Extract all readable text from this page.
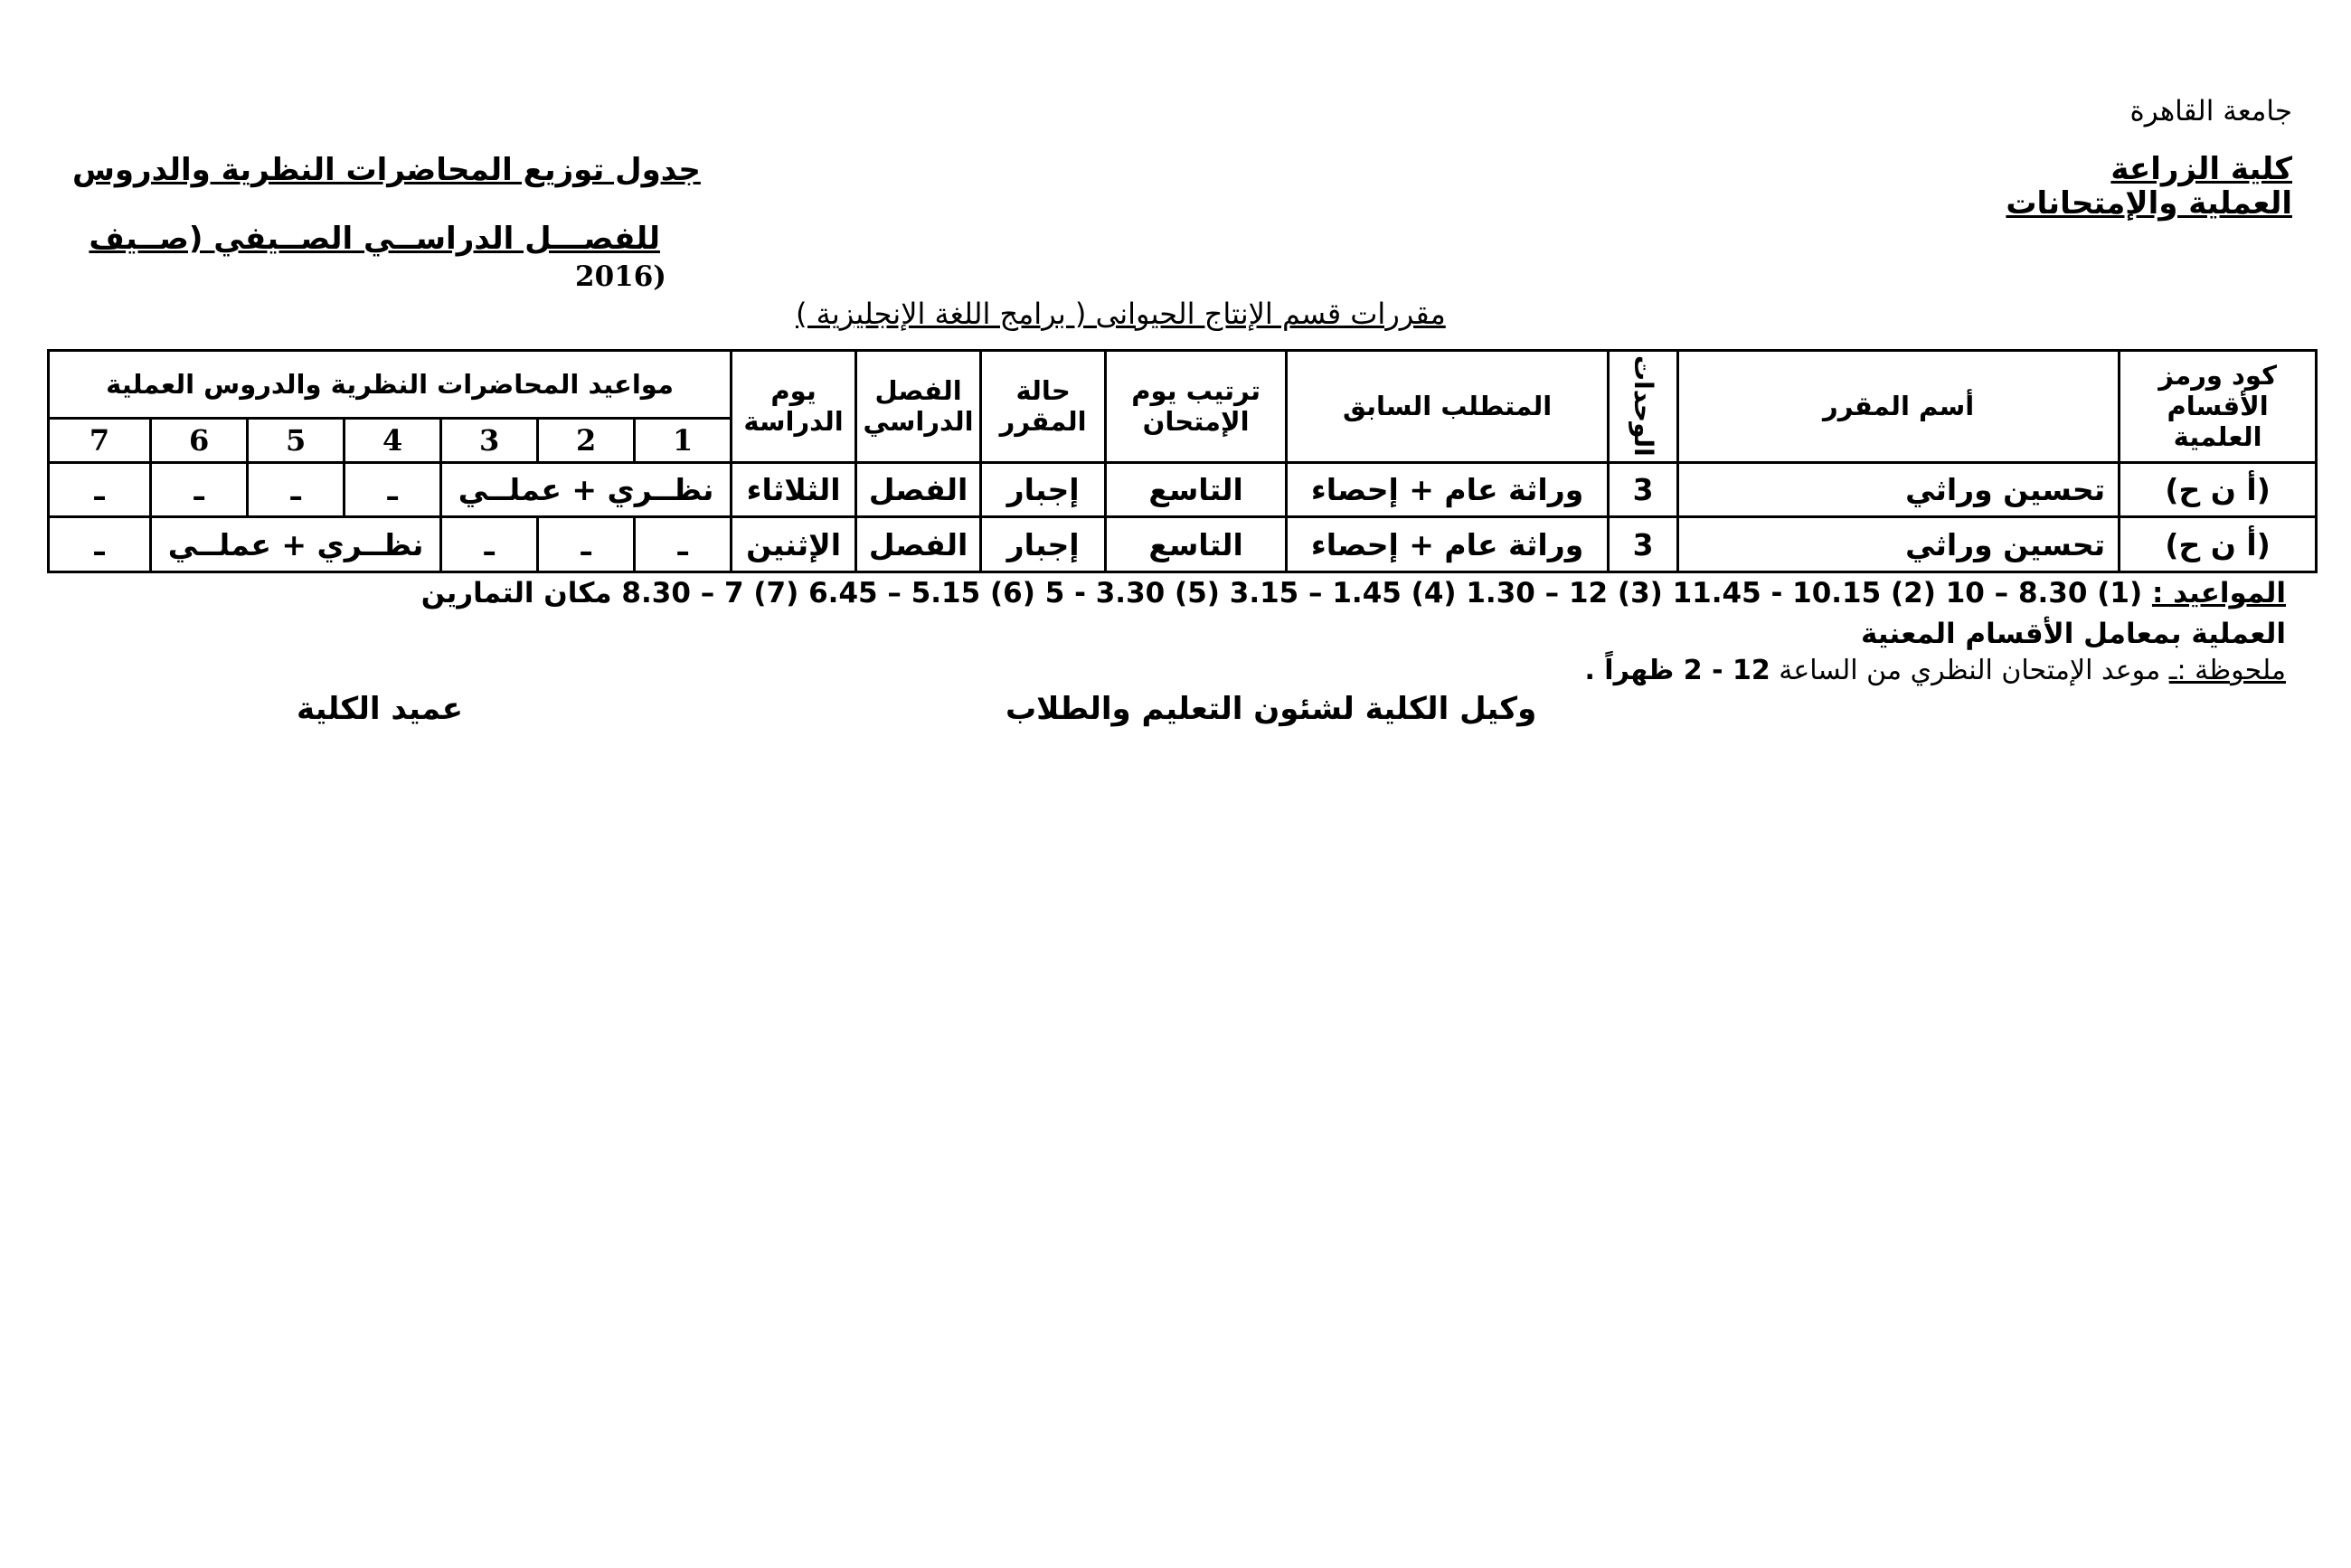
جامعة القاهرة
كلية الزراعة
العملية والإمتحانات
جدول توزيع المحاضرات النظرية والدروس
للفصـــل الدراســي الصــيفي (صــيف
2016)
مقررات قسم الإنتاج الحيوانى ( برامج اللغة الإنجليزية )
كود ورمز الأقسام العلمية	أسم المقرر	الوحدات	المتطلب السابق	ترتيب يوم الإمتحان	حالة المقرر	الفصل الدراسي	يوم الدراسة	مواعيد المحاضرات النظرية والدروس العملية						
								1	2	3	4	5	6	7
(أ ن ح)	تحسين وراثي	3	وراثة عام + إحصاء	التاسع	إجبار	الفصل	الثلاثاء	نظــري + عملــي			ـ	ـ	ـ	ـ
(أ ن ح)	تحسين وراثي	3	وراثة عام + إحصاء	التاسع	إجبار	الفصل	الإثنين	ـ	ـ	ـ	نظــري + عملــي			ـ
المواعيد : (1) 8.30 – 10 (2) 10.15 - 11.45 (3) 12 – 1.30 (4) 1.45 – 3.15 (5) 3.30 - 5 (6) 5.15 – 6.45 (7) 7 – 8.30 مكان التمارين
العملية بمعامل الأقسام المعنية
ملحوظة :ـ موعد الإمتحان النظري من الساعة 12 - 2 ظهراً .
وكيل الكلية لشئون التعليم والطلاب
عميد الكلية
